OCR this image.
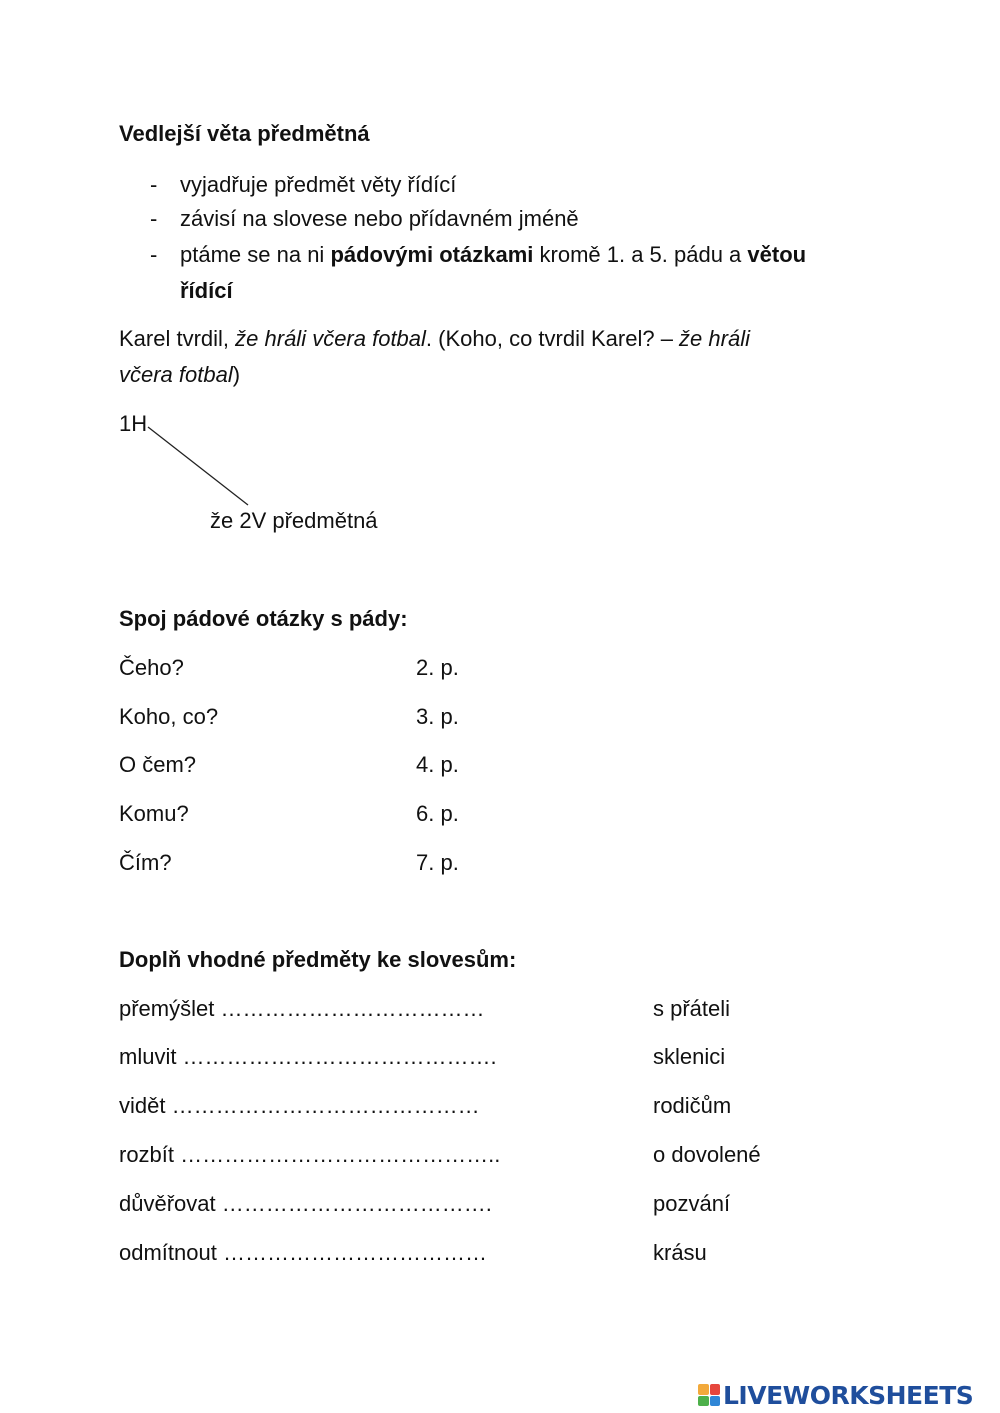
Vedlejší věta předmětná
- vyjadřuje předmět věty řídící
- závisí na slovese nebo přídavném jméně
- ptáme se na ni pádovými otázkami kromě 1. a 5. pádu a větou
řídící
Karel tvrdil, že hráli včera fotbal. (Koho, co tvrdil Karel? – že hráli
včera fotbal)
1H
že 2V předmětná
Spoj pádové otázky s pády:
Čeho?	2. p.
Koho, co?	3. p.
O čem?	4. p.
Komu?	6. p.
Čím?	7. p.
Doplň vhodné předměty ke slovesům:
přemýšlet ………………………………	s přáteli
mluvit …………………………………….	sklenici
vidět ……………………………………	rodičům
rozbít ……………………………………..	o dovolené
důvěřovat ……………………………….	pozvání
odmítnout ………………………………	krásu
LIVEWORKSHEETS
